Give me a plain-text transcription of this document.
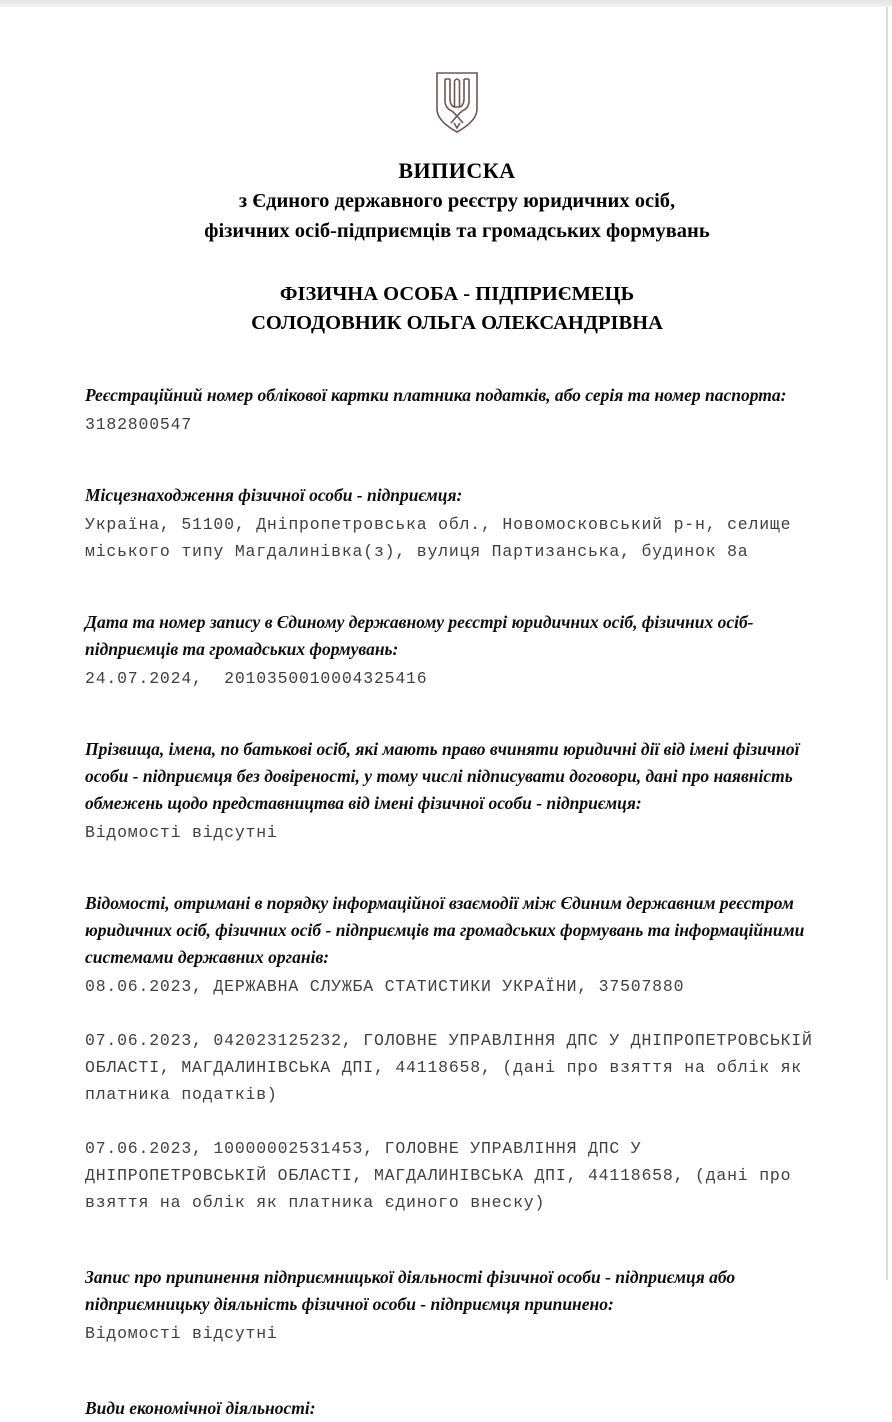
ВИПИСКА
з Єдиного державного реєстру юридичних осіб,
фізичних осіб-підприємців та громадських формувань
ФІЗИЧНА ОСОБА - ПІДПРИЄМЕЦЬ
СОЛОДОВНИК ОЛЬГА ОЛЕКСАНДРІВНА
Реєстраційний номер облікової картки платника податків, або серія та номер паспорта:
3182800547
Місцезнаходження фізичної особи - підприємця:
Україна, 51100, Дніпропетровська обл., Новомосковський р-н, селище міського типу Магдалинівка(з), вулиця Партизанська, будинок 8а
Дата та номер запису в Єдиному державному реєстрі юридичних осіб, фізичних осіб-підприємців та громадських формувань:
24.07.2024,  2010350010004325416
Прізвища, імена, по батькові осіб, які мають право вчиняти юридичні дії від імені фізичної особи - підприємця без довіреності, у тому числі підписувати договори, дані про наявність обмежень щодо представництва від імені фізичної особи - підприємця:
Відомості відсутні
Відомості, отримані в порядку інформаційної взаємодії між Єдиним державним реєстром юридичних осіб, фізичних осіб - підприємців та громадських формувань та інформаційними системами державних органів:
08.06.2023, ДЕРЖАВНА СЛУЖБА СТАТИСТИКИ УКРАЇНИ, 37507880
07.06.2023, 042023125232, ГОЛОВНЕ УПРАВЛІННЯ ДПС У ДНІПРОПЕТРОВСЬКІЙ ОБЛАСТІ, МАГДАЛИНІВСЬКА ДПІ, 44118658, (дані про взяття на облік як платника податків)
07.06.2023, 10000002531453, ГОЛОВНЕ УПРАВЛІННЯ ДПС У ДНІПРОПЕТРОВСЬКІЙ ОБЛАСТІ, МАГДАЛИНІВСЬКА ДПІ, 44118658, (дані про взяття на облік як платника єдиного внеску)
Запис про припинення підприємницької діяльності фізичної особи - підприємця або підприємницьку діяльність фізичної особи - підприємця припинено:
Відомості відсутні
Види економічної діяльності:
